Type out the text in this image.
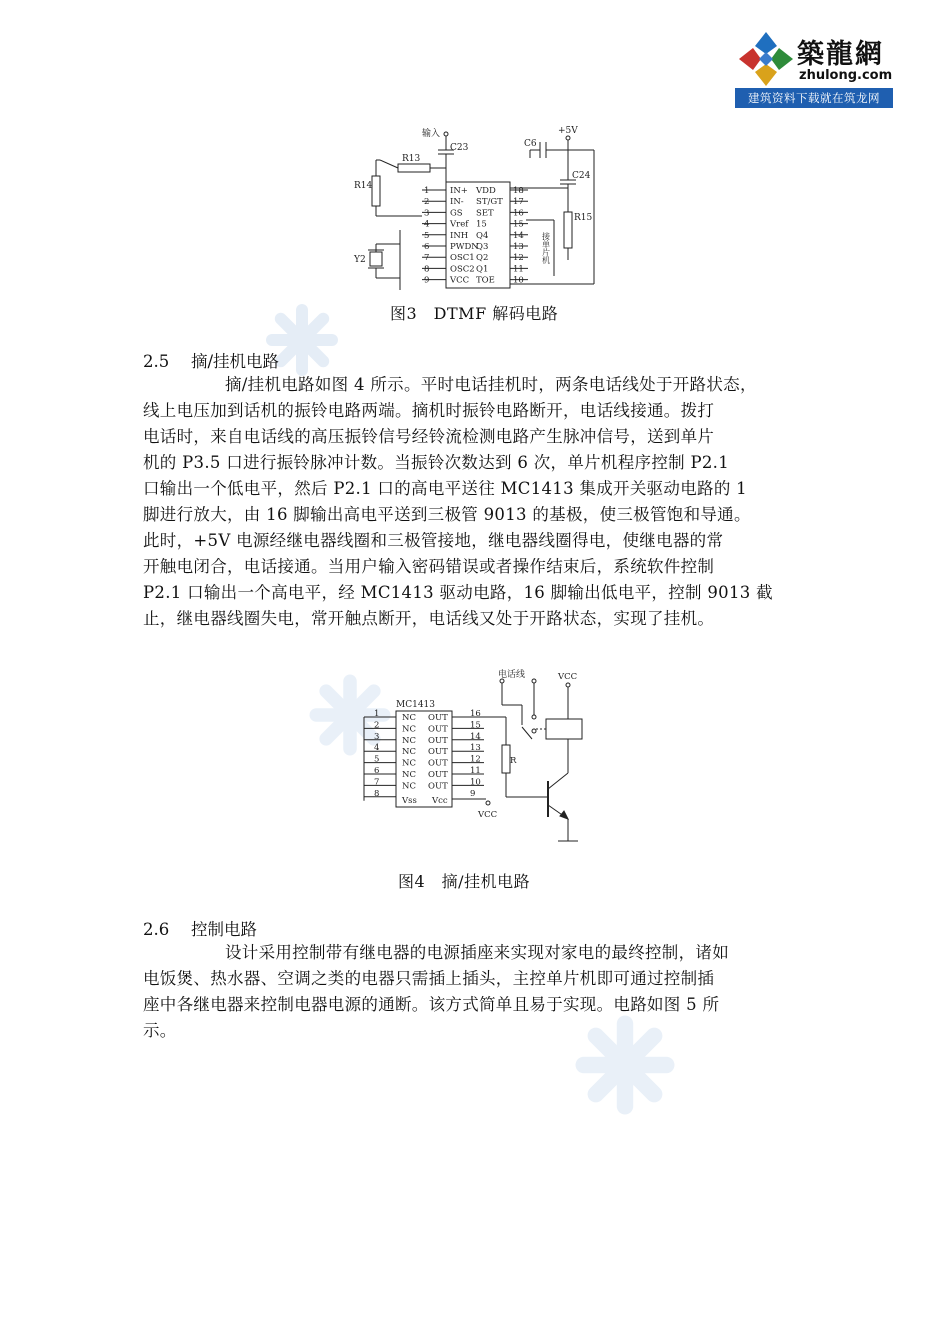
築龍網
zhulong.com
建筑资料下载就在筑龙网
输入
C23
R13
R14
C6
+5V
C24
R15
Y2	接单片机
1 IN+
2 IN-
3 GS
4 Vref
5 INH
6 PWDN
7 OSC1
8 OSC2
9 VCC
18
VDD
17
ST/GT
16
SET
15
15
14
Q4
13
Q3
12
Q2
11
Q1
10
TOE
图3　DTMF 解码电路
2.5　 摘/挂机电路

摘/挂机电路如图 4 所示。平时电话挂机时，两条电话线处于开路状态，

线上电压加到话机的振铃电路两端。摘机时振铃电路断开，电话线接通。拨打

电话时，来自电话线的高压振铃信号经铃流检测电路产生脉冲信号，送到单片

机的 P3.5 口进行振铃脉冲计数。当振铃次数达到 6 次，单片机程序控制 P2.1

口输出一个低电平，然后 P2.1 口的高电平送往 MC1413 集成开关驱动电路的 1

脚进行放大，由 16 脚输出高电平送到三极管 9013 的基极，使三极管饱和导通。

此时，+5V 电源经继电器线圈和三极管接地，继电器线圈得电，使继电器的常

开触电闭合，电话接通。当用户输入密码错误或者操作结束后，系统软件控制

P2.1 口输出一个高电平，经 MC1413 驱动电路，16 脚输出低电平，控制 9013 截

止，继电器线圈失电，常开触点断开，电话线又处于开路状态，实现了挂机。

MC1413
电话线	VCC
VCC
R
Vss Vcc
1
2
3
4
5
6
7
8
16
15
14
13
12
11
10
9
NC
NC
NC
NC
NC
NC
NC
OUT
OUT
OUT
OUT
OUT
OUT
OUT
图4　摘/挂机电路
2.6　 控制电路

设计采用控制带有继电器的电源插座来实现对家电的最终控制，诸如

电饭煲、热水器、空调之类的电器只需插上插头，主控单片机即可通过控制插

座中各继电器来控制电器电源的通断。该方式简单且易于实现。电路如图 5 所

示。
